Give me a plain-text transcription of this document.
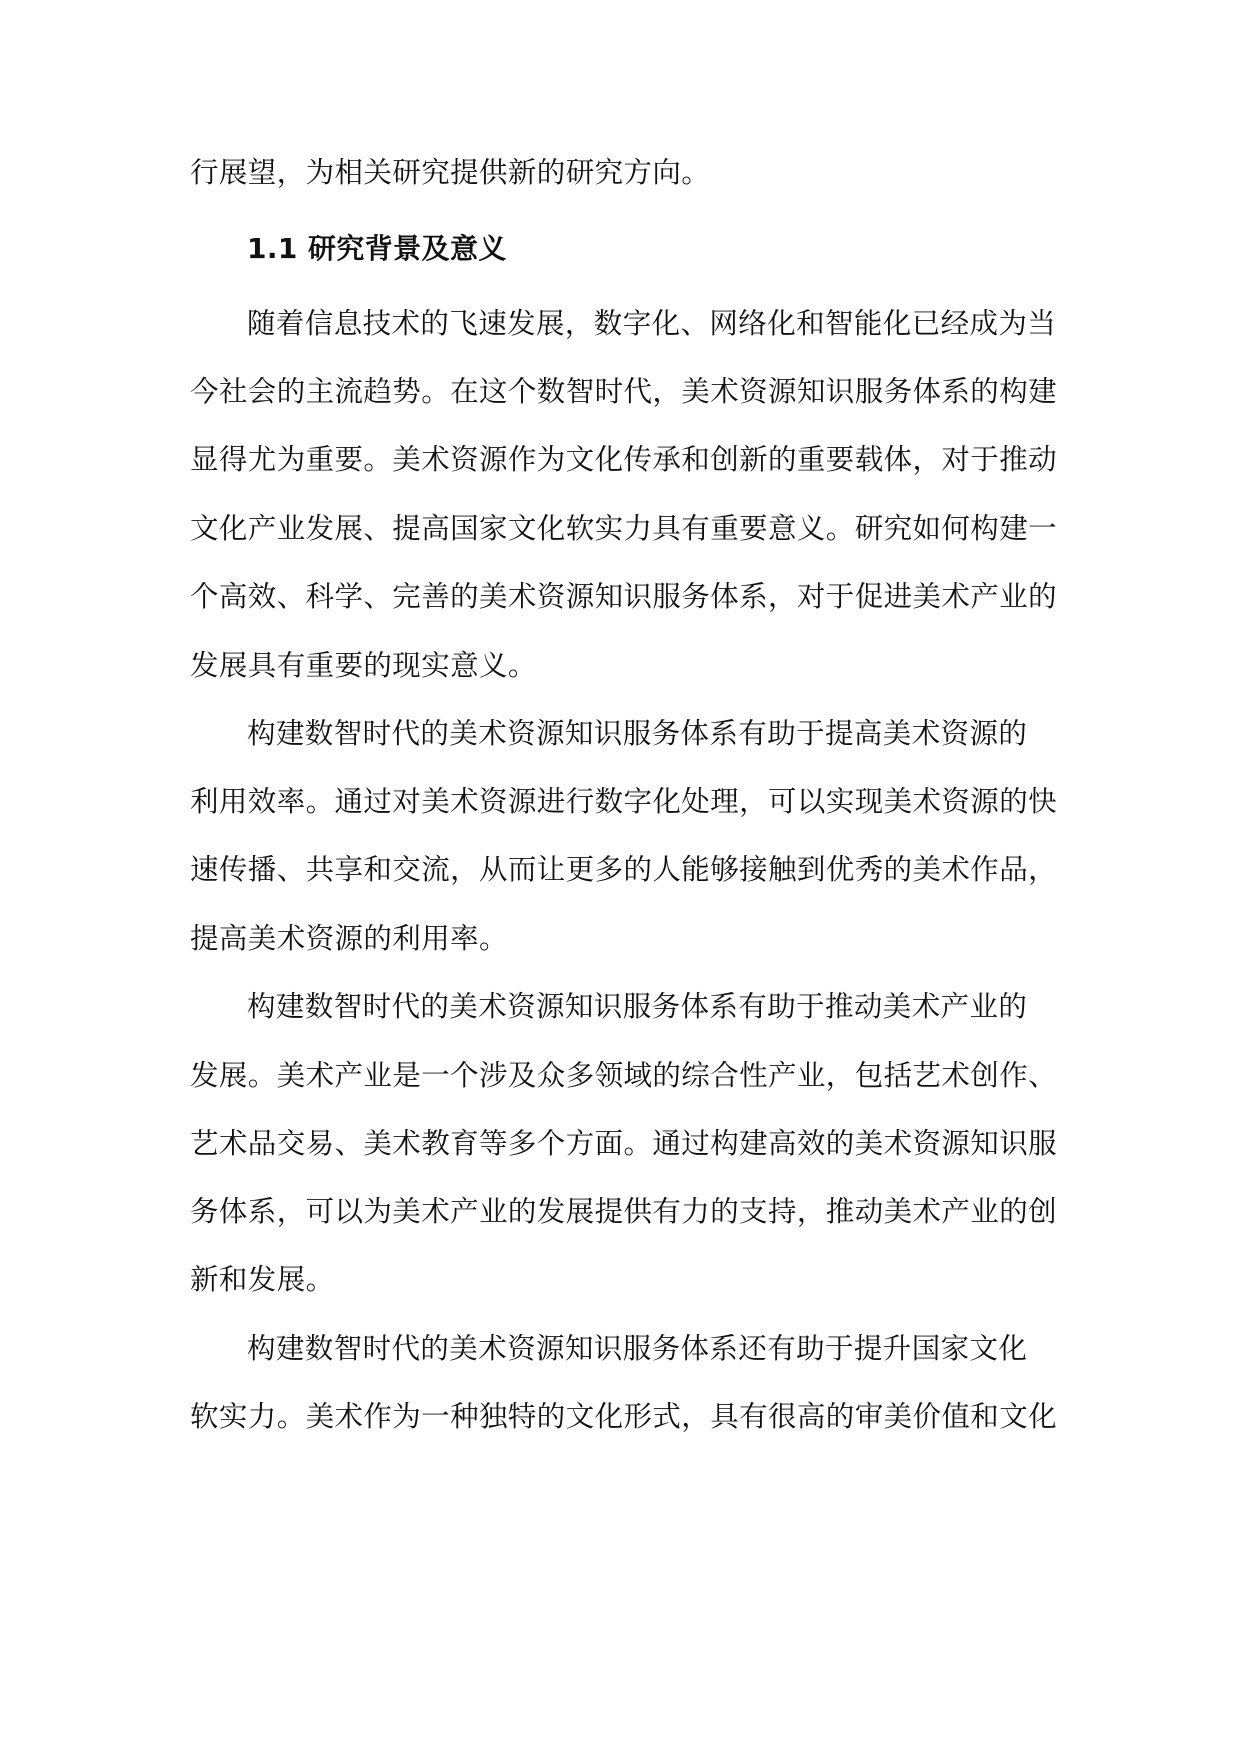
行展望，为相关研究提供新的研究方向。
1.1 研究背景及意义
随着信息技术的飞速发展，数字化、网络化和智能化已经成为当
今社会的主流趋势。在这个数智时代，美术资源知识服务体系的构建
显得尤为重要。美术资源作为文化传承和创新的重要载体，对于推动
文化产业发展、提高国家文化软实力具有重要意义。研究如何构建一
个高效、科学、完善的美术资源知识服务体系，对于促进美术产业的
发展具有重要的现实意义。
构建数智时代的美术资源知识服务体系有助于提高美术资源的
利用效率。通过对美术资源进行数字化处理，可以实现美术资源的快
速传播、共享和交流，从而让更多的人能够接触到优秀的美术作品，
提高美术资源的利用率。
构建数智时代的美术资源知识服务体系有助于推动美术产业的
发展。美术产业是一个涉及众多领域的综合性产业，包括艺术创作、
艺术品交易、美术教育等多个方面。通过构建高效的美术资源知识服
务体系，可以为美术产业的发展提供有力的支持，推动美术产业的创
新和发展。
构建数智时代的美术资源知识服务体系还有助于提升国家文化
软实力。美术作为一种独特的文化形式，具有很高的审美价值和文化
